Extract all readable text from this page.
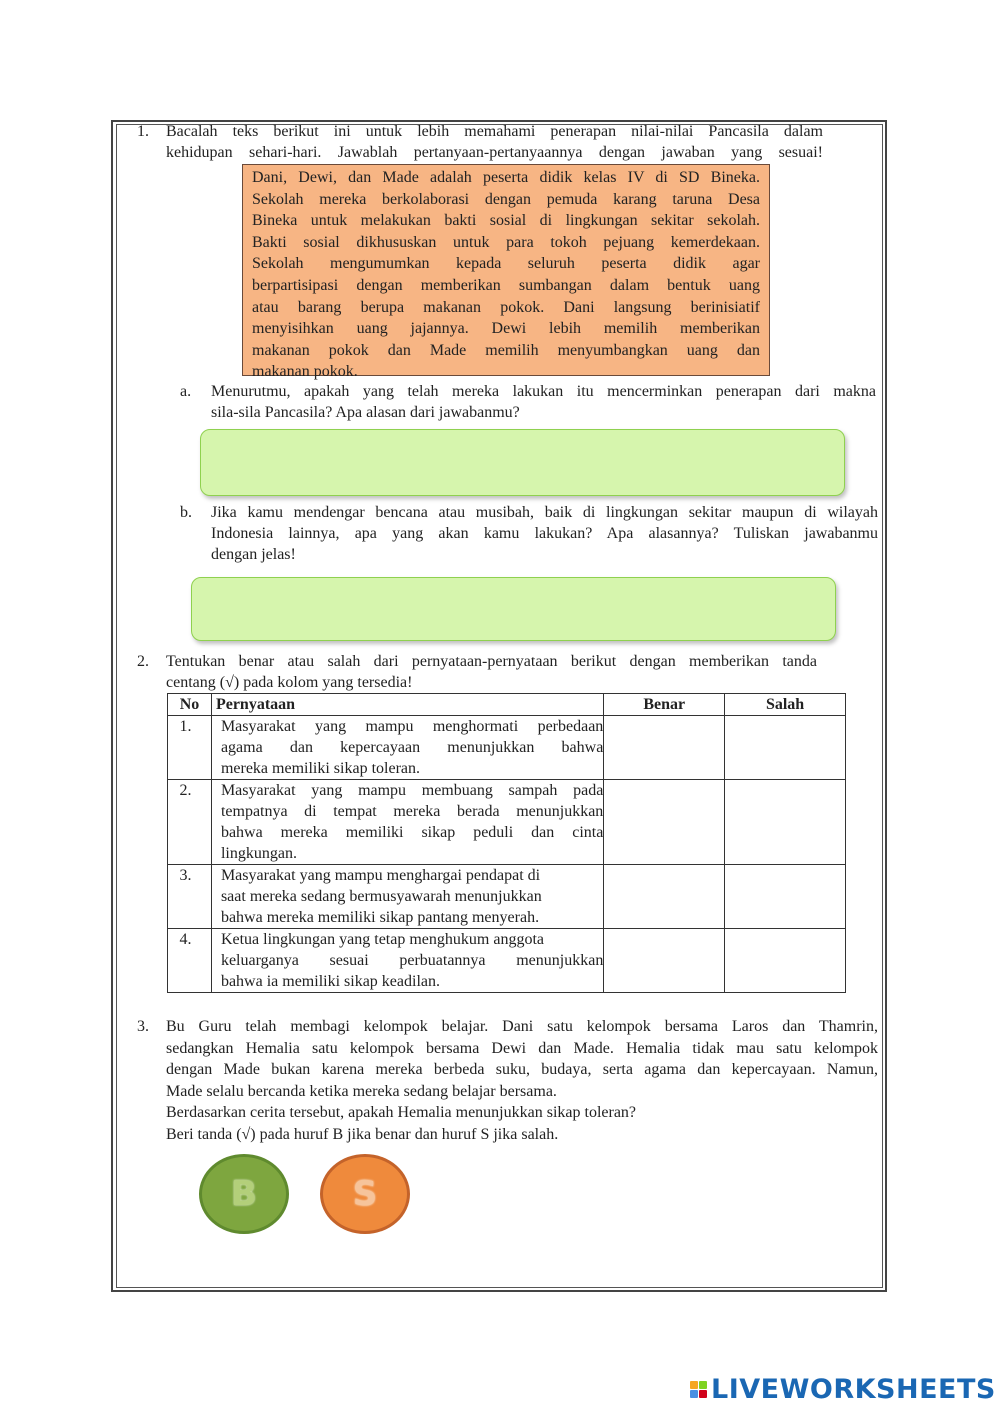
1. Bacalah teks berikut ini untuk lebih memahami penerapan nilai-nilai Pancasila dalam
kehidupan sehari-hari. Jawablah pertanyaan-pertanyaannya dengan jawaban yang sesuai!
Dani, Dewi, dan Made adalah peserta didik kelas IV di SD Bineka.
Sekolah mereka berkolaborasi dengan pemuda karang taruna Desa
Bineka untuk melakukan bakti sosial di lingkungan sekitar sekolah.
Bakti sosial dikhususkan untuk para tokoh pejuang kemerdekaan.
Sekolah mengumumkan kepada seluruh peserta didik agar
berpartisipasi dengan memberikan sumbangan dalam bentuk uang
atau barang berupa makanan pokok. Dani langsung berinisiatif
menyisihkan uang jajannya. Dewi lebih memilih memberikan
makanan pokok dan Made memilih menyumbangkan uang dan
makanan pokok.
a. Menurutmu, apakah yang telah mereka lakukan itu mencerminkan penerapan dari makna
sila-sila Pancasila? Apa alasan dari jawabanmu?
b. Jika kamu mendengar bencana atau musibah, baik di lingkungan sekitar maupun di wilayah
Indonesia lainnya, apa yang akan kamu lakukan? Apa alasannya? Tuliskan jawabanmu
dengan jelas!
2. Tentukan benar atau salah dari pernyataan-pernyataan berikut dengan memberikan tanda
centang (√) pada kolom yang tersedia!
No	Pernyataan	Benar	Salah
1.	Masyarakat yang mampu menghormati perbedaan
agama dan kepercayaan menunjukkan bahwa
mereka memiliki sikap toleran.		

2.	Masyarakat yang mampu membuang sampah pada
tempatnya di tempat mereka berada menunjukkan
bahwa mereka memiliki sikap peduli dan cinta
lingkungan.		

3.	Masyarakat yang mampu menghargai pendapat di
saat mereka sedang bermusyawarah menunjukkan
bahwa mereka memiliki sikap pantang menyerah.		

4.	Ketua lingkungan yang tetap menghukum anggota
keluarganya sesuai perbuatannya menunjukkan
bahwa ia memiliki sikap keadilan.		

3. Bu Guru telah membagi kelompok belajar. Dani satu kelompok bersama Laros dan Thamrin,
sedangkan Hemalia satu kelompok bersama Dewi dan Made. Hemalia tidak mau satu kelompok
dengan Made bukan karena mereka berbeda suku, budaya, serta agama dan kepercayaan. Namun,
Made selalu bercanda ketika mereka sedang belajar bersama.
Berdasarkan cerita tersebut, apakah Hemalia menunjukkan sikap toleran?
Beri tanda (√) pada huruf B jika benar dan huruf S jika salah.
B	S
LIVEWORKSHEETS
